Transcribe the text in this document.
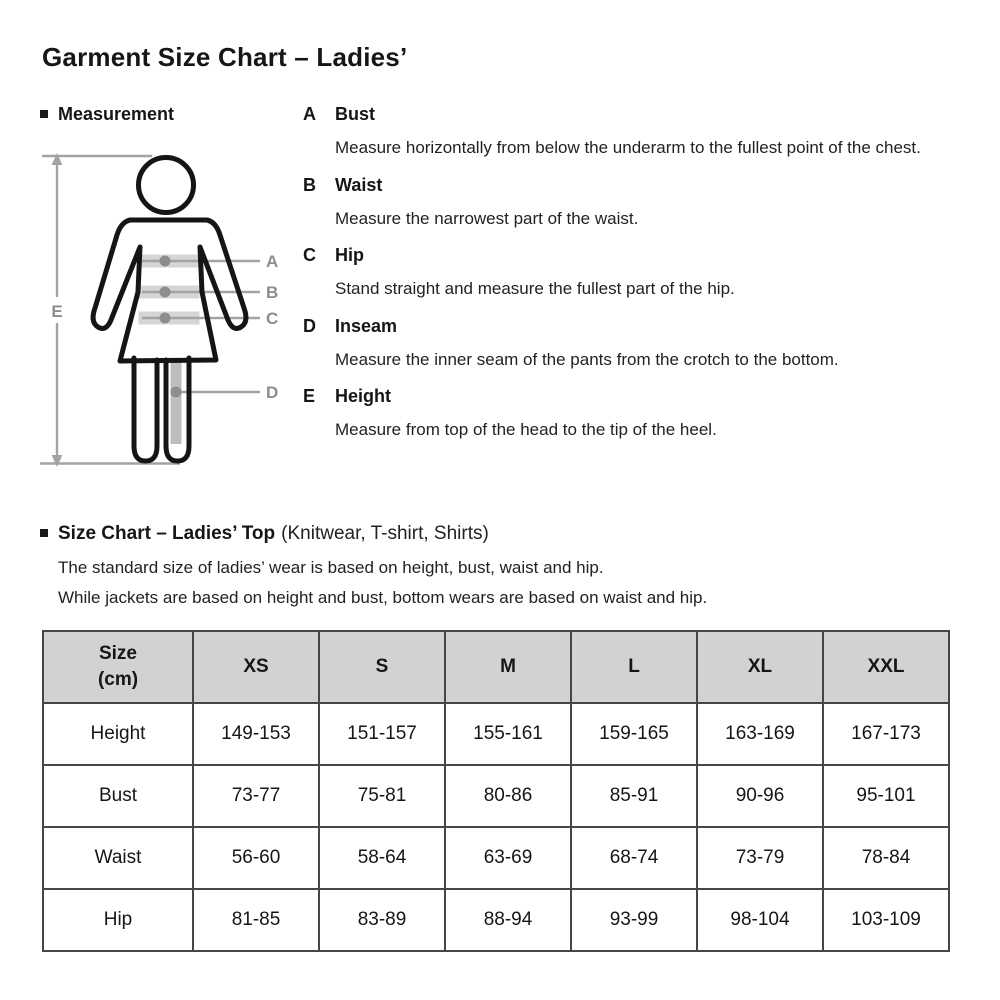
Garment Size Chart – Ladies’
Measurement
E
A
B
C
D
A Bust

Measure horizontally from below the underarm to the fullest point of the chest.

B Waist

Measure the narrowest part of the waist.

C Hip

Stand straight and measure the fullest part of the hip.

D Inseam

Measure the inner seam of the pants from the crotch to the bottom.

E Height

Measure from top of the head to the tip of the heel.

Size Chart – Ladies’ Top (Knitwear, T-shirt, Shirts)

The standard size of ladies’ wear is based on height, bust, waist and hip.

While jackets are based on height and bust, bottom wears are based on waist and hip.

Size
(cm)	XS	S	M	L	XL	XXL
Height	149-153	151-157	155-161	159-165	163-169	167-173
Bust	73-77	75-81	80-86	85-91	90-96	95-101
Waist	56-60	58-64	63-69	68-74	73-79	78-84
Hip	81-85	83-89	88-94	93-99	98-104	103-109
